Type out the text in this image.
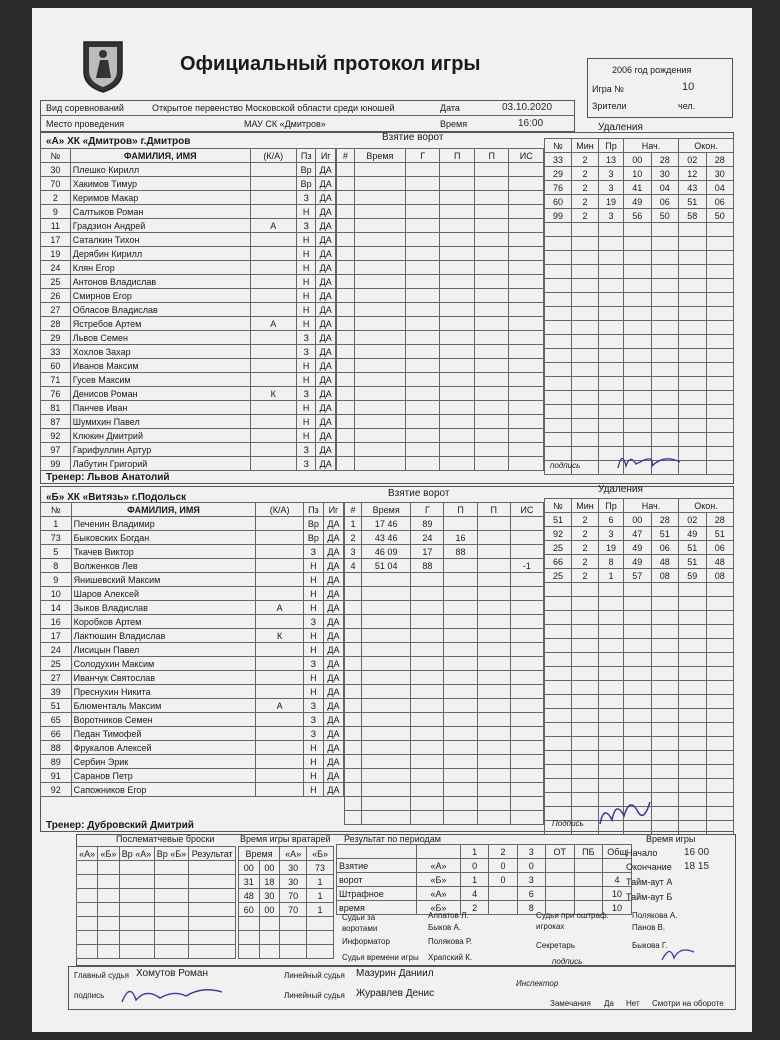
Официальный протокол игры	2006 год рождения
Игра №	10
Зрители	чел.
Вид соревнований	Открытое первенство Московской области среди юношей	Дата	03.10.2020
Место проведения	МАУ СК «Дмитров»	Время	16:00
«А» ХК «Дмитров» г.Дмитров	Взятие ворот
Удаления
№	ФАМИЛИЯ, ИМЯ	(К/А)	Пз	Иг
30	Плешко Кирилл		Вр	ДА
70	Хакимов Тимур		Вр	ДА
2	Керимов Макар		З	ДА
9	Салтыков Роман		Н	ДА
11	Градзион Андрей	А	З	ДА
17	Саталкин Тихон		Н	ДА
19	Дерябин Кирилл		Н	ДА
24	Клян Егор		Н	ДА
25	Антонов Владислав		Н	ДА
26	Смирнов Егор		Н	ДА
27	Обласов Владислав		Н	ДА
28	Ястребов Артем	А	Н	ДА
29	Львов Семен		З	ДА
33	Хохлов Захар		З	ДА
60	Иванов Максим		Н	ДА
71	Гусев Максим		Н	ДА
76	Денисов Роман	К	З	ДА
81	Панчев Иван		Н	ДА
87	Шумихин Павел		Н	ДА
92	Клюкин Дмитрий		Н	ДА
97	Гарифуллин Артур		З	ДА
99	Лабутин Григорий		З	ДА
#	Время	Г	П	П	ИС

№	Мин	Пр	Нач.		Окон.	
33	2	13	00	28	02	28
29	2	3	10	30	12	30
76	2	3	41	04	43	04
60	2	19	49	06	51	06
99	2	3	56	50	58	50

Тренер: Львов Анатолий
подпись
«Б» ХК «Витязь» г.Подольск	Взятие ворот	Удаления
№	ФАМИЛИЯ, ИМЯ	(К/А)	Пз	Иг
1	Печенин Владимир		Вр	ДА
73	Быковских Богдан		Вр	ДА
5	Ткачев Виктор		З	ДА
8	Волженков Лев		Н	ДА
9	Янишевский Максим		Н	ДА
10	Шаров Алексей		Н	ДА
14	Зыков Владислав	А	Н	ДА
16	Коробков Артем		З	ДА
17	Лактюшин Владислав	К	Н	ДА
24	Лисицын Павел		Н	ДА
25	Солодухин Максим		З	ДА
27	Иванчук Святослав		Н	ДА
39	Преснухин Никита		Н	ДА
51	Блюменталь Максим	А	З	ДА
65	Воротников Семен		З	ДА
66	Педан Тимофей		З	ДА
88	Фрукалов Алексей		Н	ДА
89	Сербин Эрик		Н	ДА
91	Саранов Петр		Н	ДА
92	Сапожников Егор		Н	ДА
#	Время	Г	П	П	ИС
1	17 46	89			
2	43 46	24	16		
3	46 09	17	88		
4	51 04	88			-1

№	Мин	Пр	Нач.		Окон.	
51	2	6	00	28	02	28
92	2	3	47	51	49	51
25	2	19	49	06	51	06
66	2	8	49	48	51	48
25	2	1	57	08	59	08

Тренер: Дубровский Дмитрий	Подпись
Послематчевые броски
«А»	«Б»	Вр «А»	Вр «Б»	Результат

Время игры вратарей
Время		«А»	«Б»
00	00	30	73
31	18	30	1
48	30	70	1
60	00	70	1

Результат по периодам
		1	2	3	ОТ	ПБ	Общ
Взятие	«А»	0	0	0			
ворот	«Б»	1	0	3			4
Штрафное	«А»	4		6			10
время	«Б»	2		8			10
Время игры
Начало	16 00
Окончание 18 15
Тайм-аут А
Тайм-аут Б
Судьи за воротами
Алпатов Л.
Быков А.
Информатор	Полякова Р.
Судья времени игры Храпский К.
Судьи при оштраф. игроках
Полякова А.
Панов В.
Секретарь	Быкова Г.
подпись
Главный судья Хомутов Роман
подпись
Линейный судья Мазурин Даниил
Линейный судья Журавлев Денис
Инспектор
Замечания Да Нет Смотри на обороте
